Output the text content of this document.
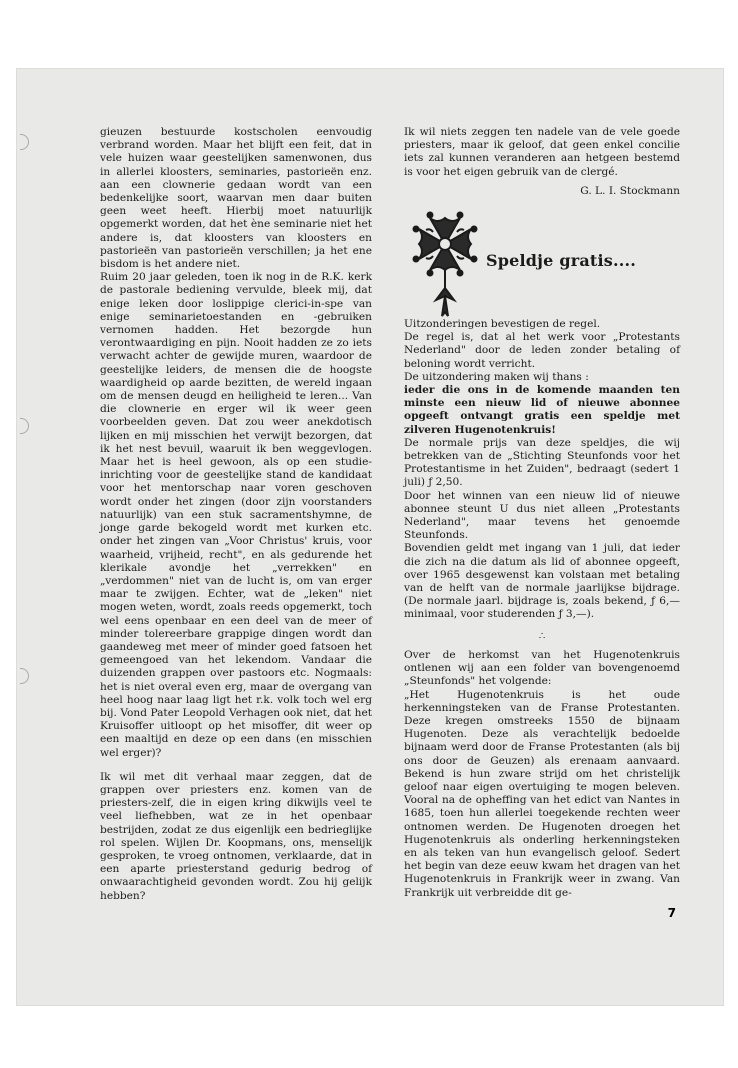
gieuzen bestuurde kostscholen eenvoudig verbrand worden. Maar het blijft een feit, dat in vele huizen waar geestelijken samenwonen, dus in allerlei kloosters, seminaries, pastorieën enz. aan een clownerie gedaan wordt van een bedenkelijke soort, waarvan men daar buiten geen weet heeft. Hierbij moet natuurlijk opgemerkt worden, dat het ène seminarie niet het andere is, dat kloosters van kloosters en pastorieën van pastorieën verschillen; ja het ene bisdom is het andere niet.

Ruim 20 jaar geleden, toen ik nog in de R.K. kerk de pastorale bediening vervulde, bleek mij, dat enige leken door loslippige clerici-in-spe van enige seminarietoestanden en -gebruiken vernomen hadden. Het bezorgde hun verontwaardiging en pijn. Nooit hadden ze zo iets verwacht achter de gewijde muren, waardoor de geestelijke leiders, de mensen die de hoogste waardigheid op aarde bezitten, de wereld ingaan om de mensen deugd en heiligheid te leren... Van die clownerie en erger wil ik weer geen voorbeelden geven. Dat zou weer anekdotisch lijken en mij misschien het verwijt bezorgen, dat ik het nest bevuil, waaruit ik ben weggevlogen. Maar het is heel gewoon, als op een studie-inrichting voor de geestelijke stand de kandidaat voor het mentorschap naar voren geschoven wordt onder het zingen (door zijn voorstanders natuurlijk) van een stuk sacramentshymne, de jonge garde bekogeld wordt met kurken etc. onder het zingen van „Voor Christus' kruis, voor waarheid, vrijheid, recht", en als gedurende het klerikale avondje het „verrekken" en „verdommen" niet van de lucht is, om van erger maar te zwijgen. Echter, wat de „leken" niet mogen weten, wordt, zoals reeds opgemerkt, toch wel eens openbaar en een deel van de meer of minder tolereerbare grappige dingen wordt dan gaandeweg met meer of minder goed fatsoen het gemeengoed van het lekendom. Vandaar die duizenden grappen over pastoors etc. Nogmaals: het is niet overal even erg, maar de overgang van heel hoog naar laag ligt het r.k. volk toch wel erg bij. Vond Pater Leopold Verhagen ook niet, dat het Kruisoffer uitloopt op het misoffer, dit weer op een maaltijd en deze op een dans (en misschien wel erger)?

Ik wil met dit verhaal maar zeggen, dat de grappen over priesters enz. komen van de priesters-zelf, die in eigen kring dikwijls veel te veel liefhebben, wat ze in het openbaar bestrijden, zodat ze dus eigenlijk een bedrieglijke rol spelen. Wijlen Dr. Koopmans, ons, menselijk gesproken, te vroeg ontnomen, verklaarde, dat in een aparte priesterstand gedurig bedrog of onwaarachtigheid gevonden wordt. Zou hij gelijk hebben?

Ik wil niets zeggen ten nadele van de vele goede priesters, maar ik geloof, dat geen enkel concilie iets zal kunnen veranderen aan hetgeen bestemd is voor het eigen gebruik van de clergé.

G. L. I. Stockmann
Speldje gratis....

Uitzonderingen bevestigen de regel.

De regel is, dat al het werk voor „Protestants Nederland" door de leden zonder betaling of beloning wordt verricht.

De uitzondering maken wij thans :

ieder die ons in de komende maanden ten minste een nieuw lid of nieuwe abonnee opgeeft ontvangt gratis een speldje met zilveren Hugenotenkruis!

De normale prijs van deze speldjes, die wij betrekken van de „Stichting Steunfonds voor het Protestantisme in het Zuiden", bedraagt (sedert 1 juli) ƒ 2,50.

Door het winnen van een nieuw lid of nieuwe abonnee steunt U dus niet alleen „Protestants Nederland", maar tevens het genoemde Steunfonds.

Bovendien geldt met ingang van 1 juli, dat ieder die zich na die datum als lid of abonnee opgeeft, over 1965 desgewenst kan volstaan met betaling van de helft van de normale jaarlijkse bijdrage. (De normale jaarl. bijdrage is, zoals bekend, ƒ 6,— minimaal, voor studerenden ƒ 3,—).

∴

Over de herkomst van het Hugenotenkruis ontlenen wij aan een folder van bovengenoemd „Steunfonds" het volgende:

„Het Hugenotenkruis is het oude herkenningsteken van de Franse Protestanten. Deze kregen omstreeks 1550 de bijnaam Hugenoten. Deze als verachtelijk bedoelde bijnaam werd door de Franse Protestanten (als bij ons door de Geuzen) als erenaam aanvaard. Bekend is hun zware strijd om het christelijk geloof naar eigen overtuiging te mogen beleven. Vooral na de opheffing van het edict van Nantes in 1685, toen hun allerlei toegekende rechten weer ontnomen werden. De Hugenoten droegen het Hugenotenkruis als onderling herkenningsteken en als teken van hun evangelisch geloof. Sedert het begin van deze eeuw kwam het dragen van het Hugenotenkruis in Frankrijk weer in zwang. Van Frankrijk uit verbreidde dit ge-

7
